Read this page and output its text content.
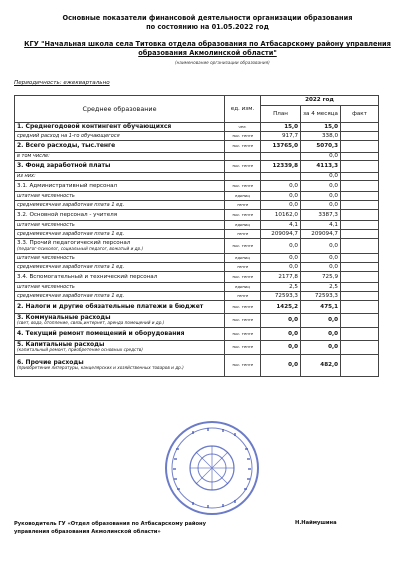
Основные показатели финансовой деятельности организации образования
по состоянию на 01.05.2022 год
КГУ "Начальная школа села Титовка отдела образования по Атбасарскому району управления
образования Акмолинской области"
(наименование организации образования)
Периодичность: ежеквартально
Среднее образование	ед. изм.	2022 год		
		План	за 4 месяца	факт
1. Среднегодовой контингент обучающихся	чел.	15,0	15,0	
средний расход на 1-го обучающегося	тыс. тенге	917,7	338,0	
2. Всего расходы, тыс.тенге	тыс. тенге	13765,0	5070,3	
в том числе:			0,0	
3. Фонд заработной платы	тыс. тенге	12339,8	4113,3	
из них:			0,0	
3.1. Административный персонал	тыс. тенге	0,0	0,0	
штатная численность	единиц	0,0	0,0	
среднемесячная заработная плата 1 ед.	тенге	0,0	0,0	
3.2. Основной персонал - учителя	тыс. тенге	10162,0	3387,3	
штатная численность	единиц	4,1	4,1	
среднемесячная заработная плата 1 ед.	тенге	209094,7	209094,7	
3.3. Прочий педагогический персонал
(педагог-психолог, социальный педагог, вожатый и др.)	тыс. тенге	0,0	0,0	
штатная численность	единиц	0,0	0,0	
среднемесячная заработная плата 1 ед.	тенге	0,0	0,0	
3.4. Вспомогательный и технический персонал	тыс. тенге	2177,8	725,9	
штатная численность	единиц	2,5	2,5	
среднемесячная заработная плата 1 ед.	тенге	72593,3	72593,3	
2. Налоги и другие обязательные платежи в бюджет	тыс. тенге	1425,2	475,1	
3. Коммунальные расходы
(свет, вода, отопление, связь,интернет, аренда помещений и др.)	тыс. тенге	0,0	0,0	
4. Текущий ремонт помещений и оборудования	тыс. тенге	0,0	0,0	
5. Капитальные расходы
(капитальный ремонт, приобретение основных средств)	тыс. тенге	0,0	0,0	
6. Прочие расходы
(приобретение литературы, канцелярских и хозяйственных товаров и др.)	тыс. тенге	0,0	482,0	
Руководитель ГУ «Отдел образования по Атбасарскому району
управления образования Акмолинской области»
Н.Наймушина
